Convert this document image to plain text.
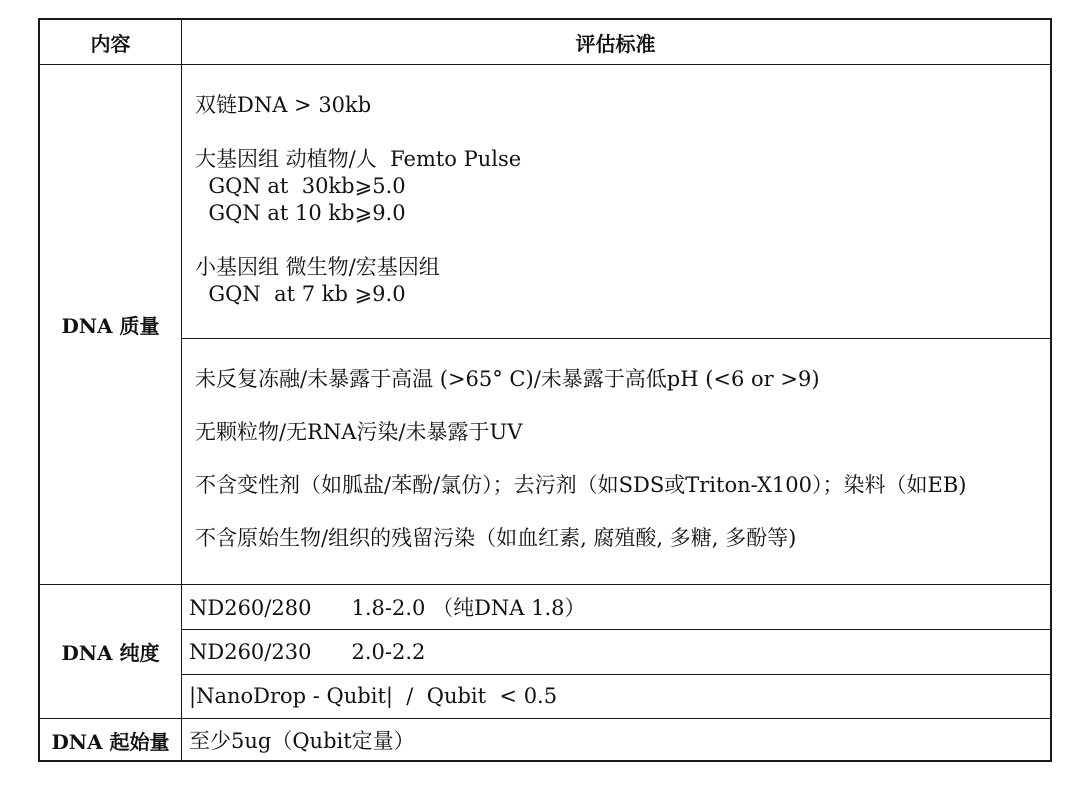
内容	评估标准
DNA 质量

双链DNA > 30kb

大基因组 动植物/人  Femto Pulse

GQN at  30kb⩾5.0

GQN at 10 kb⩾9.0

小基因组 微生物/宏基因组

GQN  at 7 kb ⩾9.0

未反复冻融/未暴露于高温 (>65° C)/未暴露于高低pH (<6 or >9)

无颗粒物/无RNA污染/未暴露于UV

不含变性剂（如胍盐/苯酚/氯仿）；去污剂（如SDS或Triton-X100）；染料（如EB)

不含原始生物/组织的残留污染（如血红素, 腐殖酸, 多糖, 多酚等)

DNA 纯度
ND260/280      1.8-2.0 （纯DNA 1.8）
ND260/230      2.0-2.2
|NanoDrop - Qubit|  /  Qubit  < 0.5
DNA 起始量 至少5ug（Qubit定量）
